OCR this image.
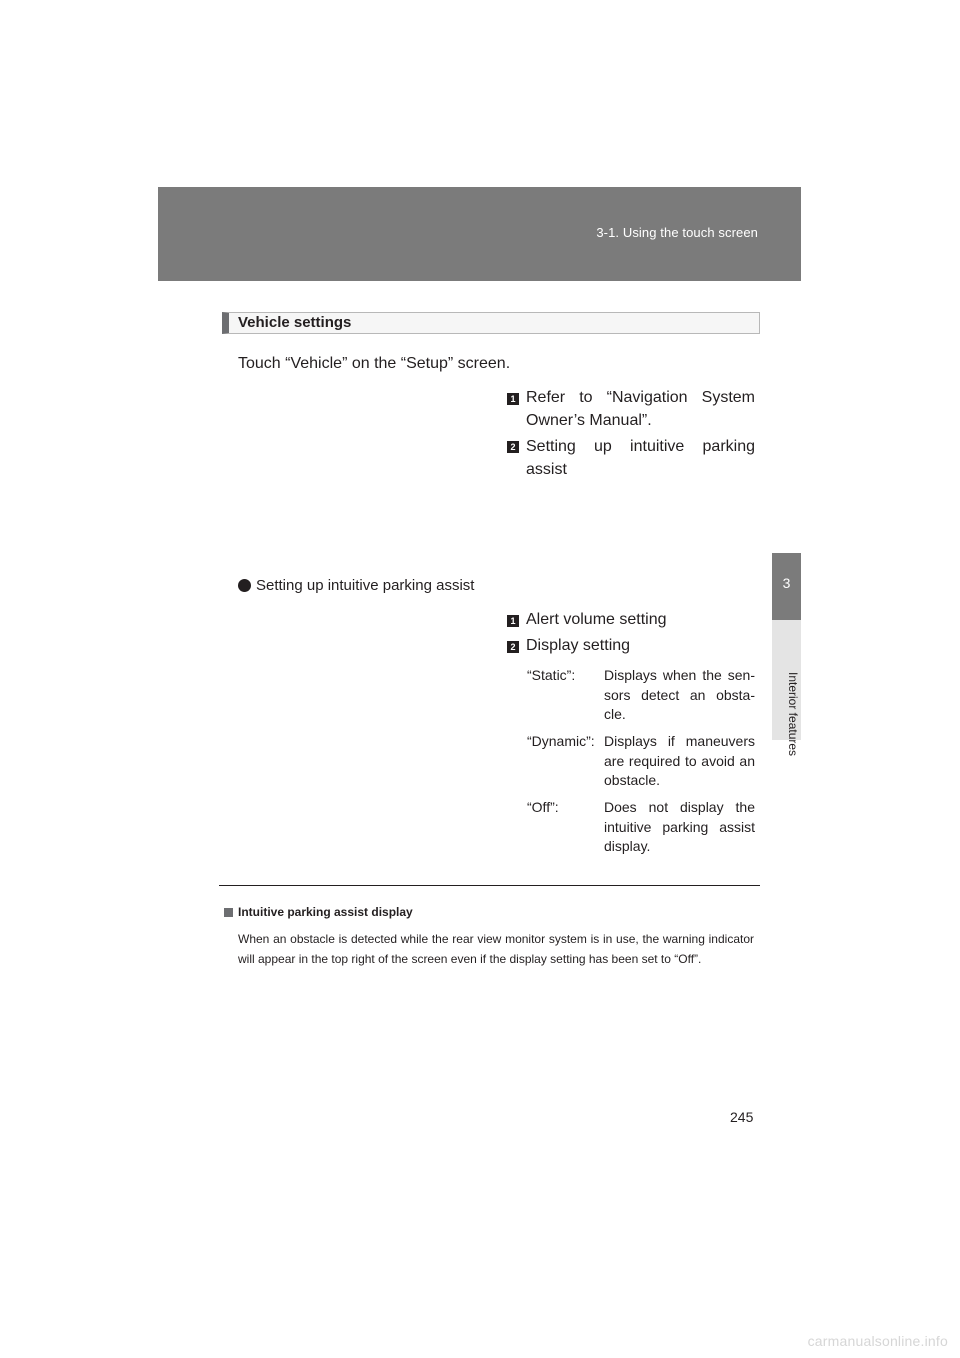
3-1. Using the touch screen
3
Interior features
Vehicle settings
Touch “Vehicle” on the “Setup” screen.
1 Refer to “Navigation System Owner’s Manual”.
2 Setting up intuitive parking assist
Setting up intuitive parking assist
1 Alert volume setting
2 Display setting
“Static”: Displays when the sen-sors detect an obsta-cle.
“Dynamic”: Displays if maneuvers are required to avoid an obstacle.
“Off”:	Does not display the intuitive parking assist display.
Intuitive parking assist display
When an obstacle is detected while the rear view monitor system is in use, the warning indicator will appear in the top right of the screen even if the display setting has been set to “Off”.
245
carmanualsonline.info
